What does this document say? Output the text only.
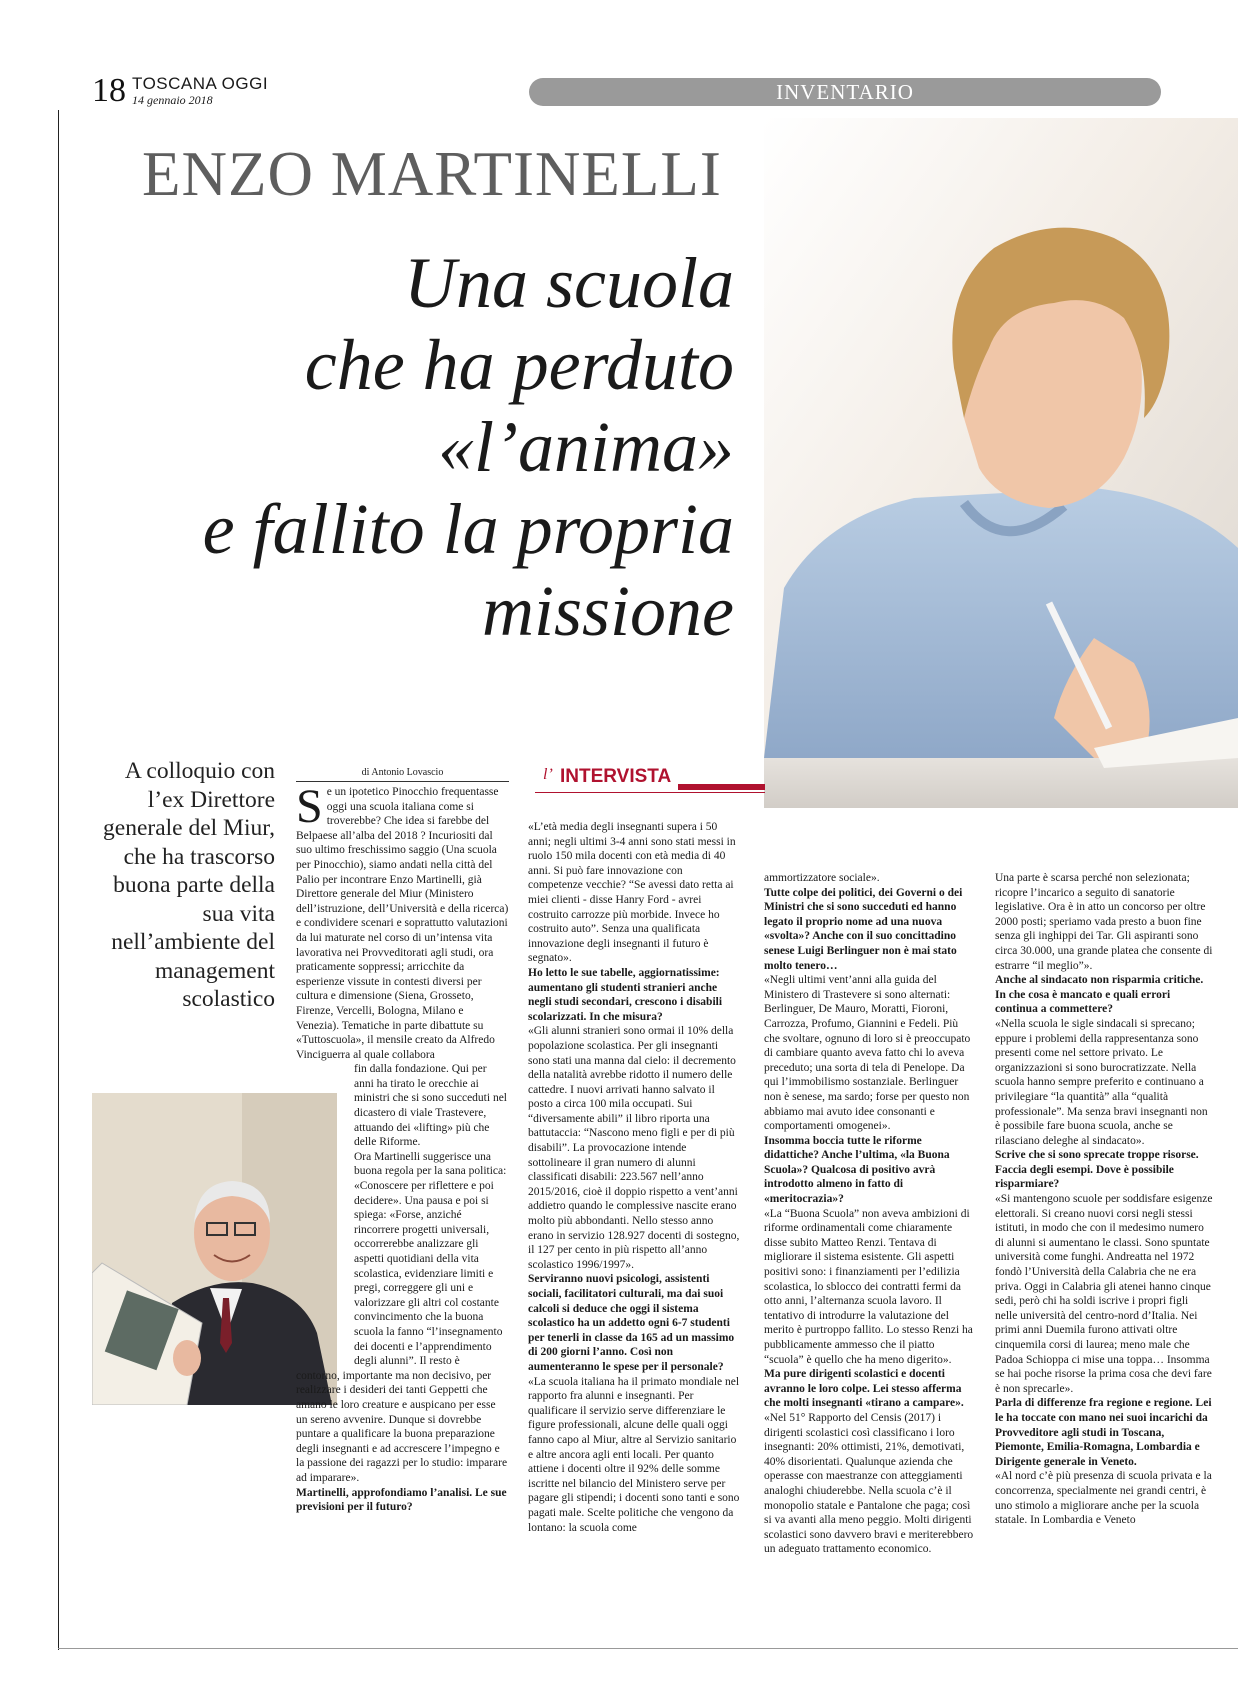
18 TOSCANA OGGI
14 gennaio 2018	INVENTARIO
ENZO MARTINELLI
Una scuola
che ha perduto
«l’anima»
e fallito la propria
missione
A colloquio con l’ex Direttore generale del Miur, che ha trascorso buona parte della sua vita nell’ambiente del management scolastico
di Antonio Lovascio	l’ INTERVISTA

Se un ipotetico Pinocchio frequentasse oggi una scuola italiana come si troverebbe? Che idea si farebbe del Belpaese all’alba del 2018 ? Incuriositi dal suo ultimo freschissimo saggio (Una scuola per Pinocchio), siamo andati nella città del Palio per incontrare Enzo Martinelli, già Direttore generale del Miur (Ministero dell’istruzione, dell’Università e della ricerca) e condividere scenari e soprattutto valutazioni da lui maturate nel corso di un’intensa vita lavorativa nei Provveditorati agli studi, ora praticamente soppressi; arricchite da esperienze vissute in contesti diversi per cultura e dimensione (Siena, Grosseto, Firenze, Vercelli, Bologna, Milano e Venezia). Tematiche in parte dibattute su «Tuttoscuola», il mensile creato da Alfredo Vinciguerra al quale collabora

fin dalla fondazione. Qui per anni ha tirato le orecchie ai ministri che si sono succeduti nel dicastero di viale Trastevere, attuando dei «lifting» più che delle Riforme.

Ora Martinelli suggerisce una buona regola per la sana politica: «Conoscere per riflettere e poi decidere». Una pausa e poi si spiega: «Forse, anziché rincorrere progetti universali, occorrerebbe analizzare gli aspetti quotidiani della vita scolastica, evidenziare limiti e pregi, correggere gli uni e valorizzare gli altri col costante convincimento che la buona scuola la fanno “l’insegnamento dei docenti e l’apprendimento degli alunni”. Il resto è

contorno, importante ma non decisivo, per realizzare i desideri dei tanti Geppetti che amano le loro creature e auspicano per esse un sereno avvenire. Dunque si dovrebbe puntare a qualificare la buona preparazione degli insegnanti e ad accrescere l’impegno e la passione dei ragazzi per lo studio: imparare ad imparare».

Martinelli, approfondiamo l’analisi. Le sue previsioni per il futuro?

«L’età media degli insegnanti supera i 50 anni; negli ultimi 3-4 anni sono stati messi in ruolo 150 mila docenti con età media di 40 anni. Si può fare innovazione con competenze vecchie? “Se avessi dato retta ai miei clienti - disse Hanry Ford - avrei costruito carrozze più morbide. Invece ho costruito auto”. Senza una qualificata innovazione degli insegnanti il futuro è segnato».

Ho letto le sue tabelle, aggiornatissime: aumentano gli studenti stranieri anche negli studi secondari, crescono i disabili scolarizzati. In che misura?

«Gli alunni stranieri sono ormai il 10% della popolazione scolastica. Per gli insegnanti sono stati una manna dal cielo: il decremento della natalità avrebbe ridotto il numero delle cattedre. I nuovi arrivati hanno salvato il posto a circa 100 mila occupati. Sui “diversamente abili” il libro riporta una battutaccia: “Nascono meno figli e per di più disabili”. La provocazione intende sottolineare il gran numero di alunni classificati disabili: 223.567 nell’anno 2015/2016, cioè il doppio rispetto a vent’anni addietro quando le complessive nascite erano molto più abbondanti. Nello stesso anno erano in servizio 128.927 docenti di sostegno, il 127 per cento in più rispetto all’anno scolastico 1996/1997».

Serviranno nuovi psicologi, assistenti sociali, facilitatori culturali, ma dai suoi calcoli si deduce che oggi il sistema scolastico ha un addetto ogni 6-7 studenti per tenerli in classe da 165 ad un massimo di 200 giorni l’anno. Così non aumenteranno le spese per il personale?

«La scuola italiana ha il primato mondiale nel rapporto fra alunni e insegnanti. Per qualificare il servizio serve differenziare le figure professionali, alcune delle quali oggi fanno capo al Miur, altre al Servizio sanitario e altre ancora agli enti locali. Per quanto attiene i docenti oltre il 92% delle somme iscritte nel bilancio del Ministero serve per pagare gli stipendi; i docenti sono tanti e sono pagati male. Scelte politiche che vengono da lontano: la scuola come

ammortizzatore sociale».

Tutte colpe dei politici, dei Governi o dei Ministri che si sono succeduti ed hanno legato il proprio nome ad una nuova «svolta»? Anche con il suo concittadino senese Luigi Berlinguer non è mai stato molto tenero…

«Negli ultimi vent’anni alla guida del Ministero di Trastevere si sono alternati: Berlinguer, De Mauro, Moratti, Fioroni, Carrozza, Profumo, Giannini e Fedeli. Più che svoltare, ognuno di loro si è preoccupato di cambiare quanto aveva fatto chi lo aveva preceduto; una sorta di tela di Penelope. Da qui l’immobilismo sostanziale. Berlinguer non è senese, ma sardo; forse per questo non abbiamo mai avuto idee consonanti e comportamenti omogenei».

Insomma boccia tutte le riforme didattiche? Anche l’ultima, «la Buona Scuola»? Qualcosa di positivo avrà introdotto almeno in fatto di «meritocrazia»?

«La “Buona Scuola” non aveva ambizioni di riforme ordinamentali come chiaramente disse subito Matteo Renzi. Tentava di migliorare il sistema esistente. Gli aspetti positivi sono: i finanziamenti per l’edilizia scolastica, lo sblocco dei contratti fermi da otto anni, l’alternanza scuola lavoro. Il tentativo di introdurre la valutazione del merito è purtroppo fallito. Lo stesso Renzi ha pubblicamente ammesso che il piatto “scuola” è quello che ha meno digerito».

Ma pure dirigenti scolastici e docenti avranno le loro colpe. Lei stesso afferma che molti insegnanti «tirano a campare».

«Nel 51° Rapporto del Censis (2017) i dirigenti scolastici così classificano i loro insegnanti: 20% ottimisti, 21%, demotivati, 40% disorientati. Qualunque azienda che operasse con maestranze con atteggiamenti analoghi chiuderebbe. Nella scuola c’è il monopolio statale e Pantalone che paga; così si va avanti alla meno peggio. Molti dirigenti scolastici sono davvero bravi e meriterebbero un adeguato trattamento economico.

Una parte è scarsa perché non selezionata; ricopre l’incarico a seguito di sanatorie legislative. Ora è in atto un concorso per oltre 2000 posti; speriamo vada presto a buon fine senza gli inghippi dei Tar. Gli aspiranti sono circa 30.000, una grande platea che consente di estrarre “il meglio”».

Anche al sindacato non risparmia critiche. In che cosa è mancato e quali errori continua a commettere?

«Nella scuola le sigle sindacali si sprecano; eppure i problemi della rappresentanza sono presenti come nel settore privato. Le organizzazioni si sono burocratizzate. Nella scuola hanno sempre preferito e continuano a privilegiare “la quantità” alla “qualità professionale”. Ma senza bravi insegnanti non è possibile fare buona scuola, anche se rilasciano deleghe al sindacato».

Scrive che si sono sprecate troppe risorse. Faccia degli esempi. Dove è possibile risparmiare?

«Si mantengono scuole per soddisfare esigenze elettorali. Si creano nuovi corsi negli stessi istituti, in modo che con il medesimo numero di alunni si aumentano le classi. Sono spuntate università come funghi. Andreatta nel 1972 fondò l’Università della Calabria che ne era priva. Oggi in Calabria gli atenei hanno cinque sedi, però chi ha soldi iscrive i propri figli nelle università del centro-nord d’Italia. Nei primi anni Duemila furono attivati oltre cinquemila corsi di laurea; meno male che Padoa Schioppa ci mise una toppa… Insomma se hai poche risorse la prima cosa che devi fare è non sprecarle».

Parla di differenze fra regione e regione. Lei le ha toccate con mano nei suoi incarichi da Provveditore agli studi in Toscana, Piemonte, Emilia-Romagna, Lombardia e Dirigente generale in Veneto.

«Al nord c’è più presenza di scuola privata e la concorrenza, specialmente nei grandi centri, è uno stimolo a migliorare anche per la scuola statale. In Lombardia e Veneto
